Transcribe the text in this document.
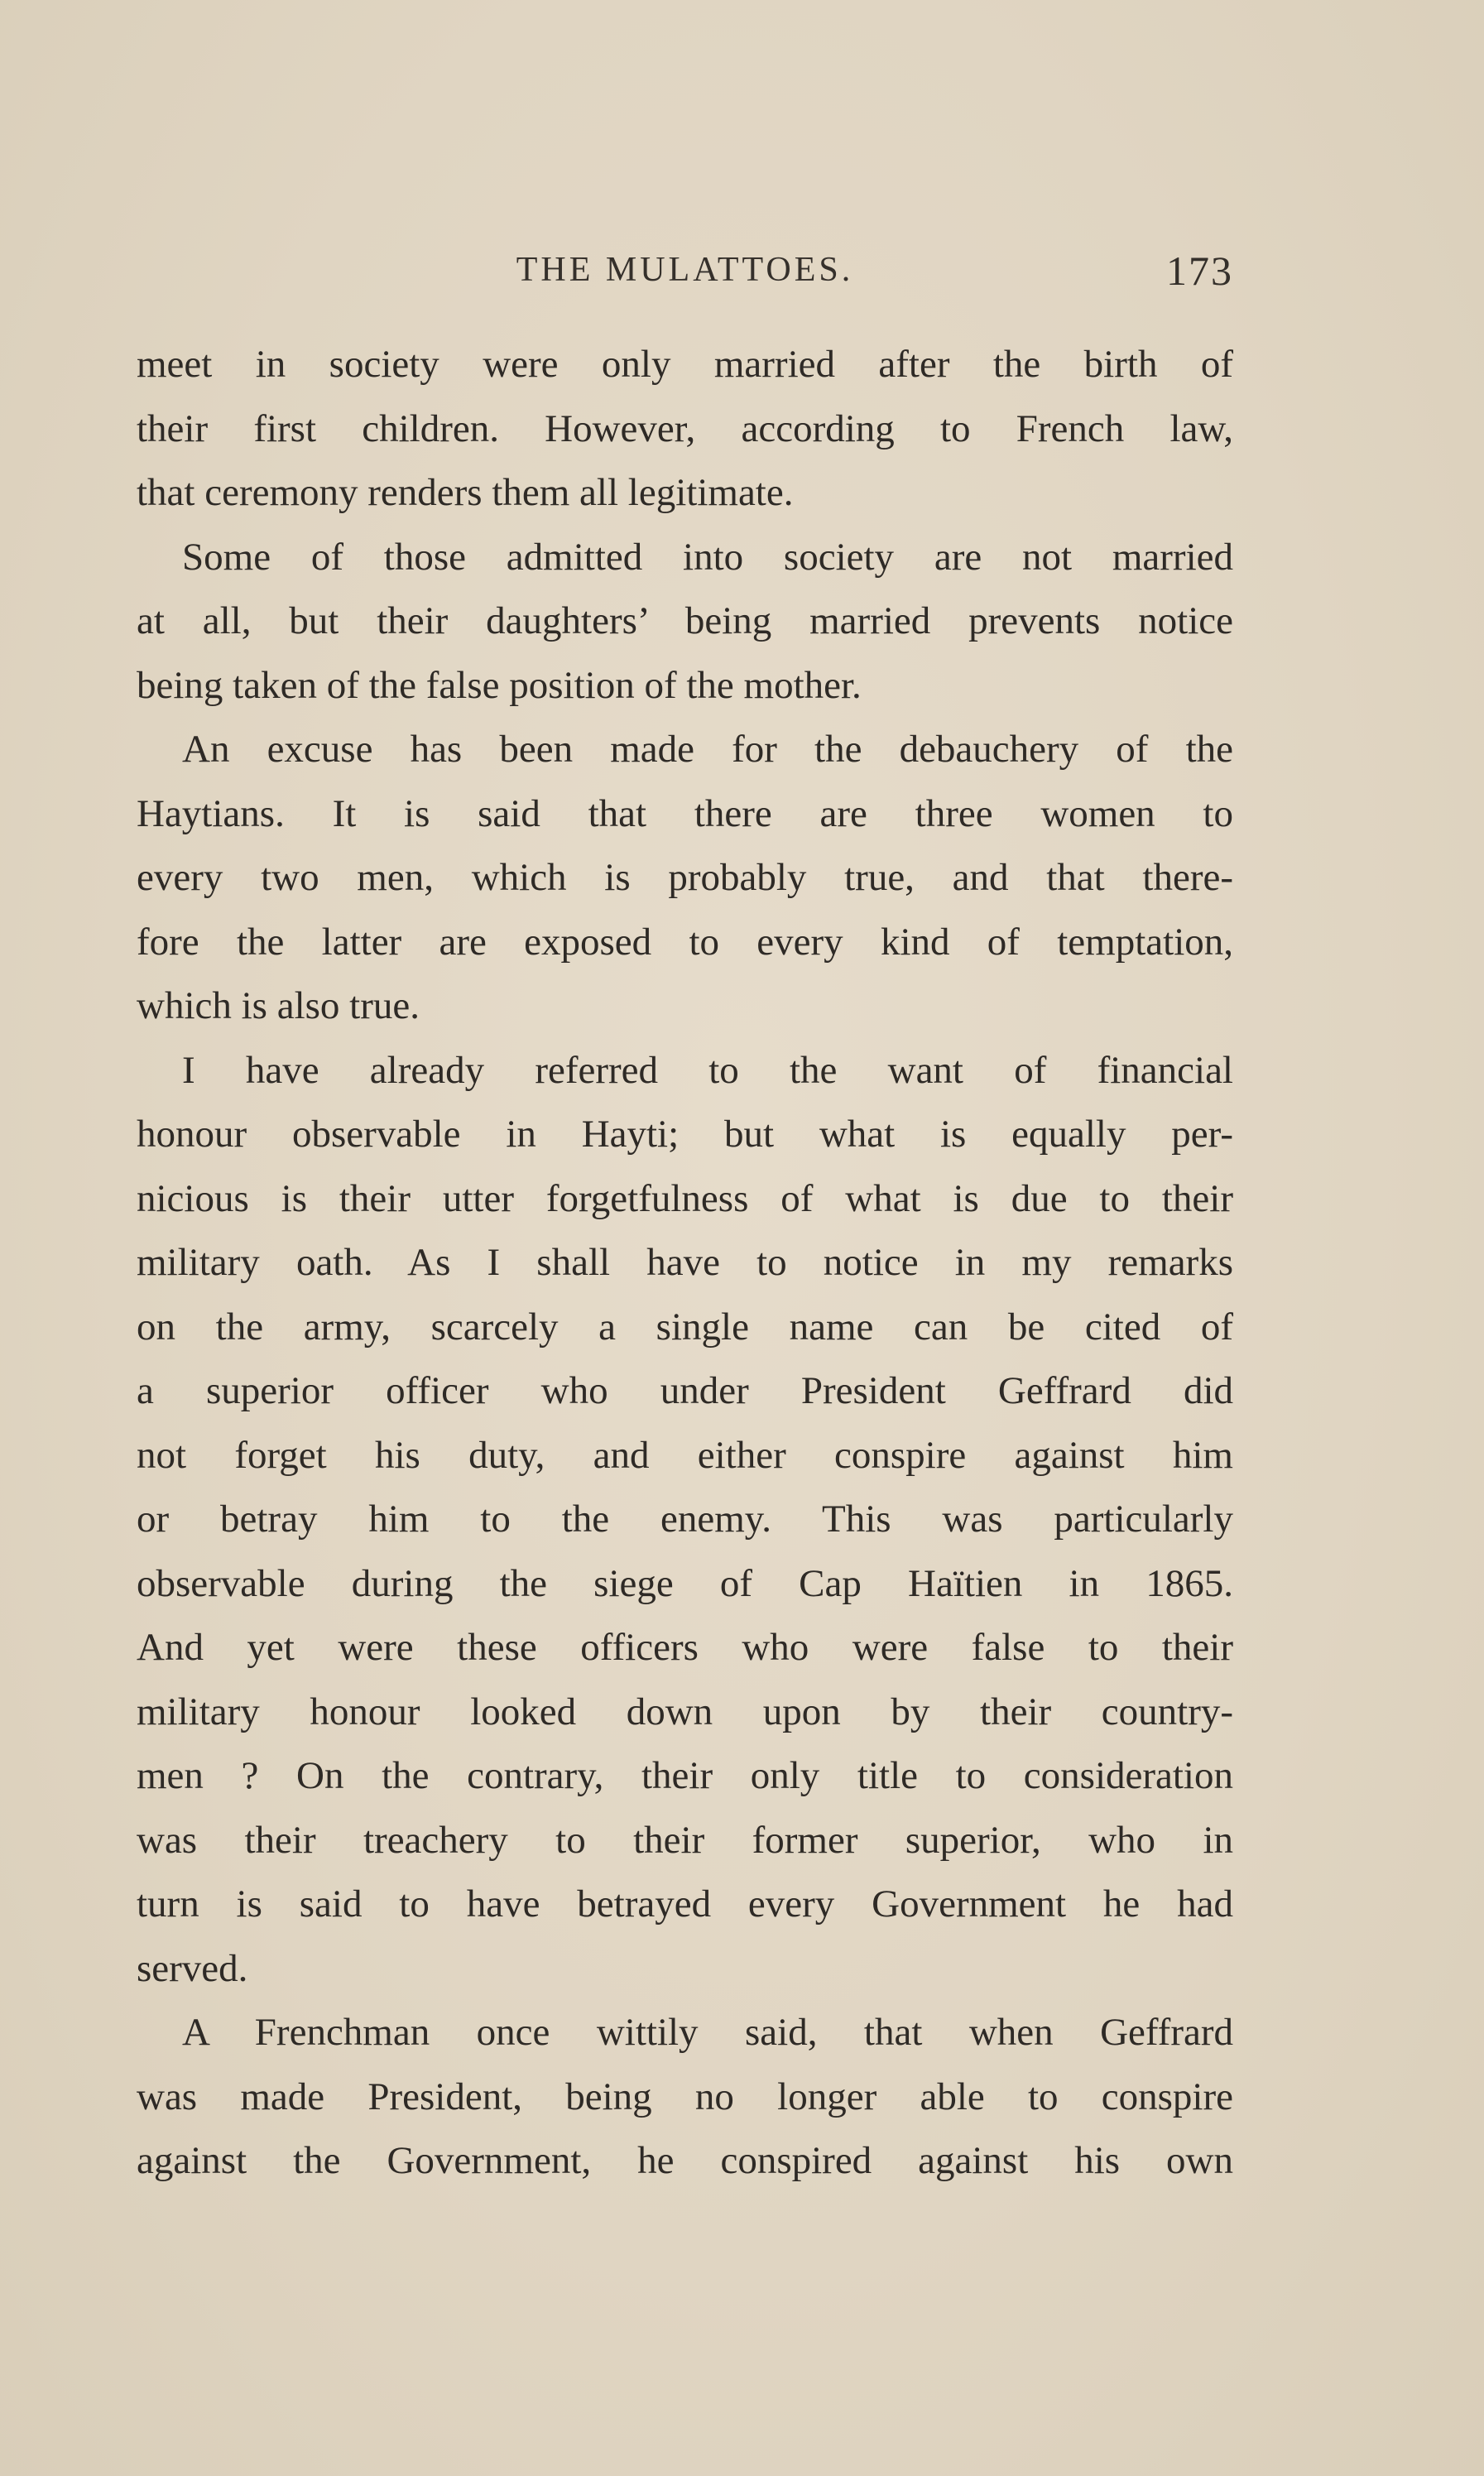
THE MULATTOES.	173
meet in society were only married after the birth of
their first children. However, according to French law,
that ceremony renders them all legitimate.
Some of those admitted into society are not married
at all, but their daughters’ being married prevents notice
being taken of the false position of the mother.
An excuse has been made for the debauchery of the
Haytians. It is said that there are three women to
every two men, which is probably true, and that there-
fore the latter are exposed to every kind of temptation,
which is also true.
I have already referred to the want of financial
honour observable in Hayti; but what is equally per-
nicious is their utter forgetfulness of what is due to their
military oath. As I shall have to notice in my remarks
on the army, scarcely a single name can be cited of
a superior officer who under President Geffrard did
not forget his duty, and either conspire against him
or betray him to the enemy. This was particularly
observable during the siege of Cap Haïtien in 1865.
And yet were these officers who were false to their
military honour looked down upon by their country-
men ? On the contrary, their only title to consideration
was their treachery to their former superior, who in
turn is said to have betrayed every Government he had
served.
A Frenchman once wittily said, that when Geffrard
was made President, being no longer able to conspire
against the Government, he conspired against his own
